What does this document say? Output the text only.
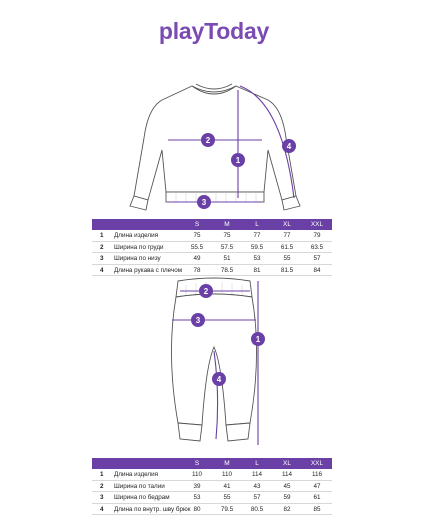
playToday
1
2
3
4
S	M	L	XL	XXL
1 Длина изделия	75	75	77	77	79
2 Ширина по груди	55.5	57.5	59.5	61.5	63.5
3 Ширина по низу	49	51	53	55	57
4 Длина рукава с плечом 78	78.5	81	81.5	84
1
2
3
4
S	M	L	XL	XXL
1 Длина изделия	110	110	114	114	116
2 Ширина по талии	39	41	43	45	47
3 Ширина по бедрам	53	55	57	59	61
4 Длина по внутр. шву брюк 80	79.5	80.5	82	85
